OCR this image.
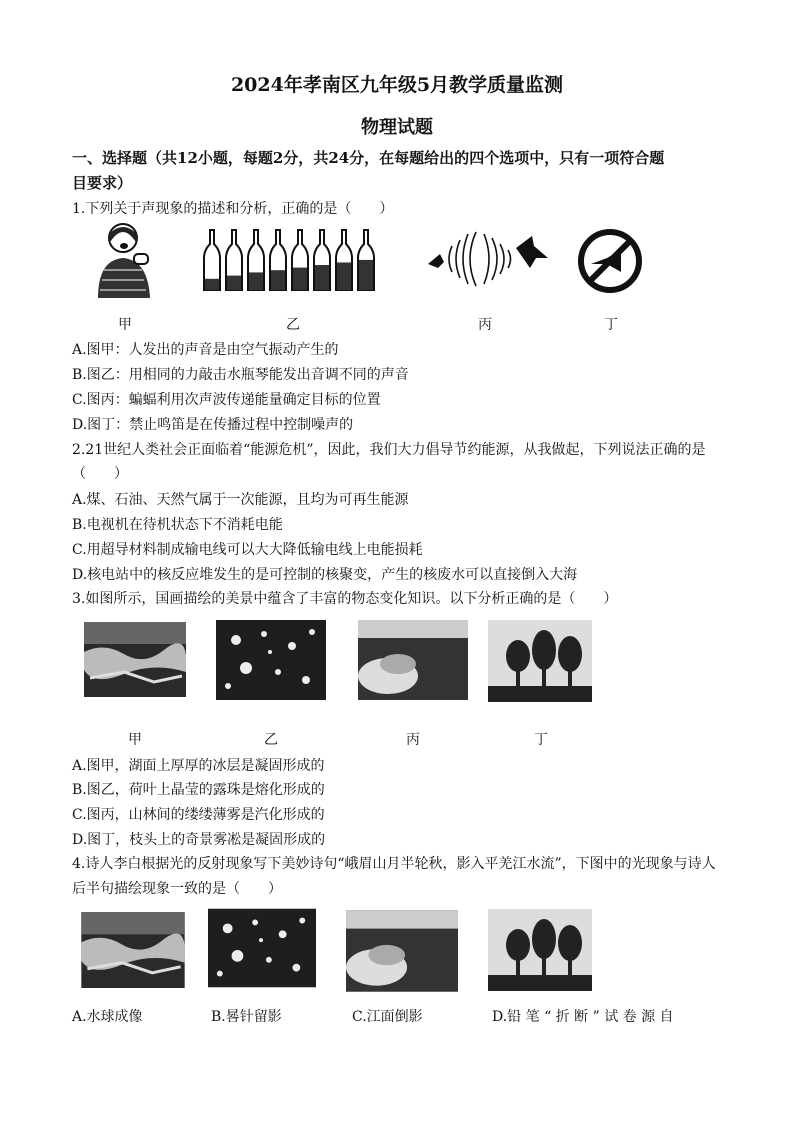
2024年孝南区九年级5月教学质量监测
物理试题
一、选择题（共12小题，每题2分，共24分，在每题给出的四个选项中，只有一项符合题
目要求）
1.下列关于声现象的描述和分析，正确的是（　　）
甲	乙	丙	丁
A.图甲：人发出的声音是由空气振动产生的
B.图乙：用相同的力敲击水瓶琴能发出音调不同的声音
C.图丙：蝙蝠利用次声波传递能量确定目标的位置
D.图丁：禁止鸣笛是在传播过程中控制噪声的
2.21世纪人类社会正面临着“能源危机”，因此，我们大力倡导节约能源，从我做起，下列说法正确的是
（　　）
A.煤、石油、天然气属于一次能源，且均为可再生能源
B.电视机在待机状态下不消耗电能
C.用超导材料制成输电线可以大大降低输电线上电能损耗
D.核电站中的核反应堆发生的是可控制的核聚变，产生的核废水可以直接倒入大海
3.如图所示，国画描绘的美景中蕴含了丰富的物态变化知识。以下分析正确的是（　　）
甲	乙	丙	丁
A.图甲，湖面上厚厚的冰层是凝固形成的
B.图乙，荷叶上晶莹的露珠是熔化形成的
C.图丙，山林间的缕缕薄雾是汽化形成的
D.图丁，枝头上的奇景雾凇是凝固形成的
4.诗人李白根据光的反射现象写下美妙诗句“峨眉山月半轮秋，影入平羌江水流”，下图中的光现象与诗人
后半句描绘现象一致的是（　　）
A.水球成像	B.晷针留影	C.江面倒影	D.铅 笔 “ 折 断 ” 试 卷 源 自
